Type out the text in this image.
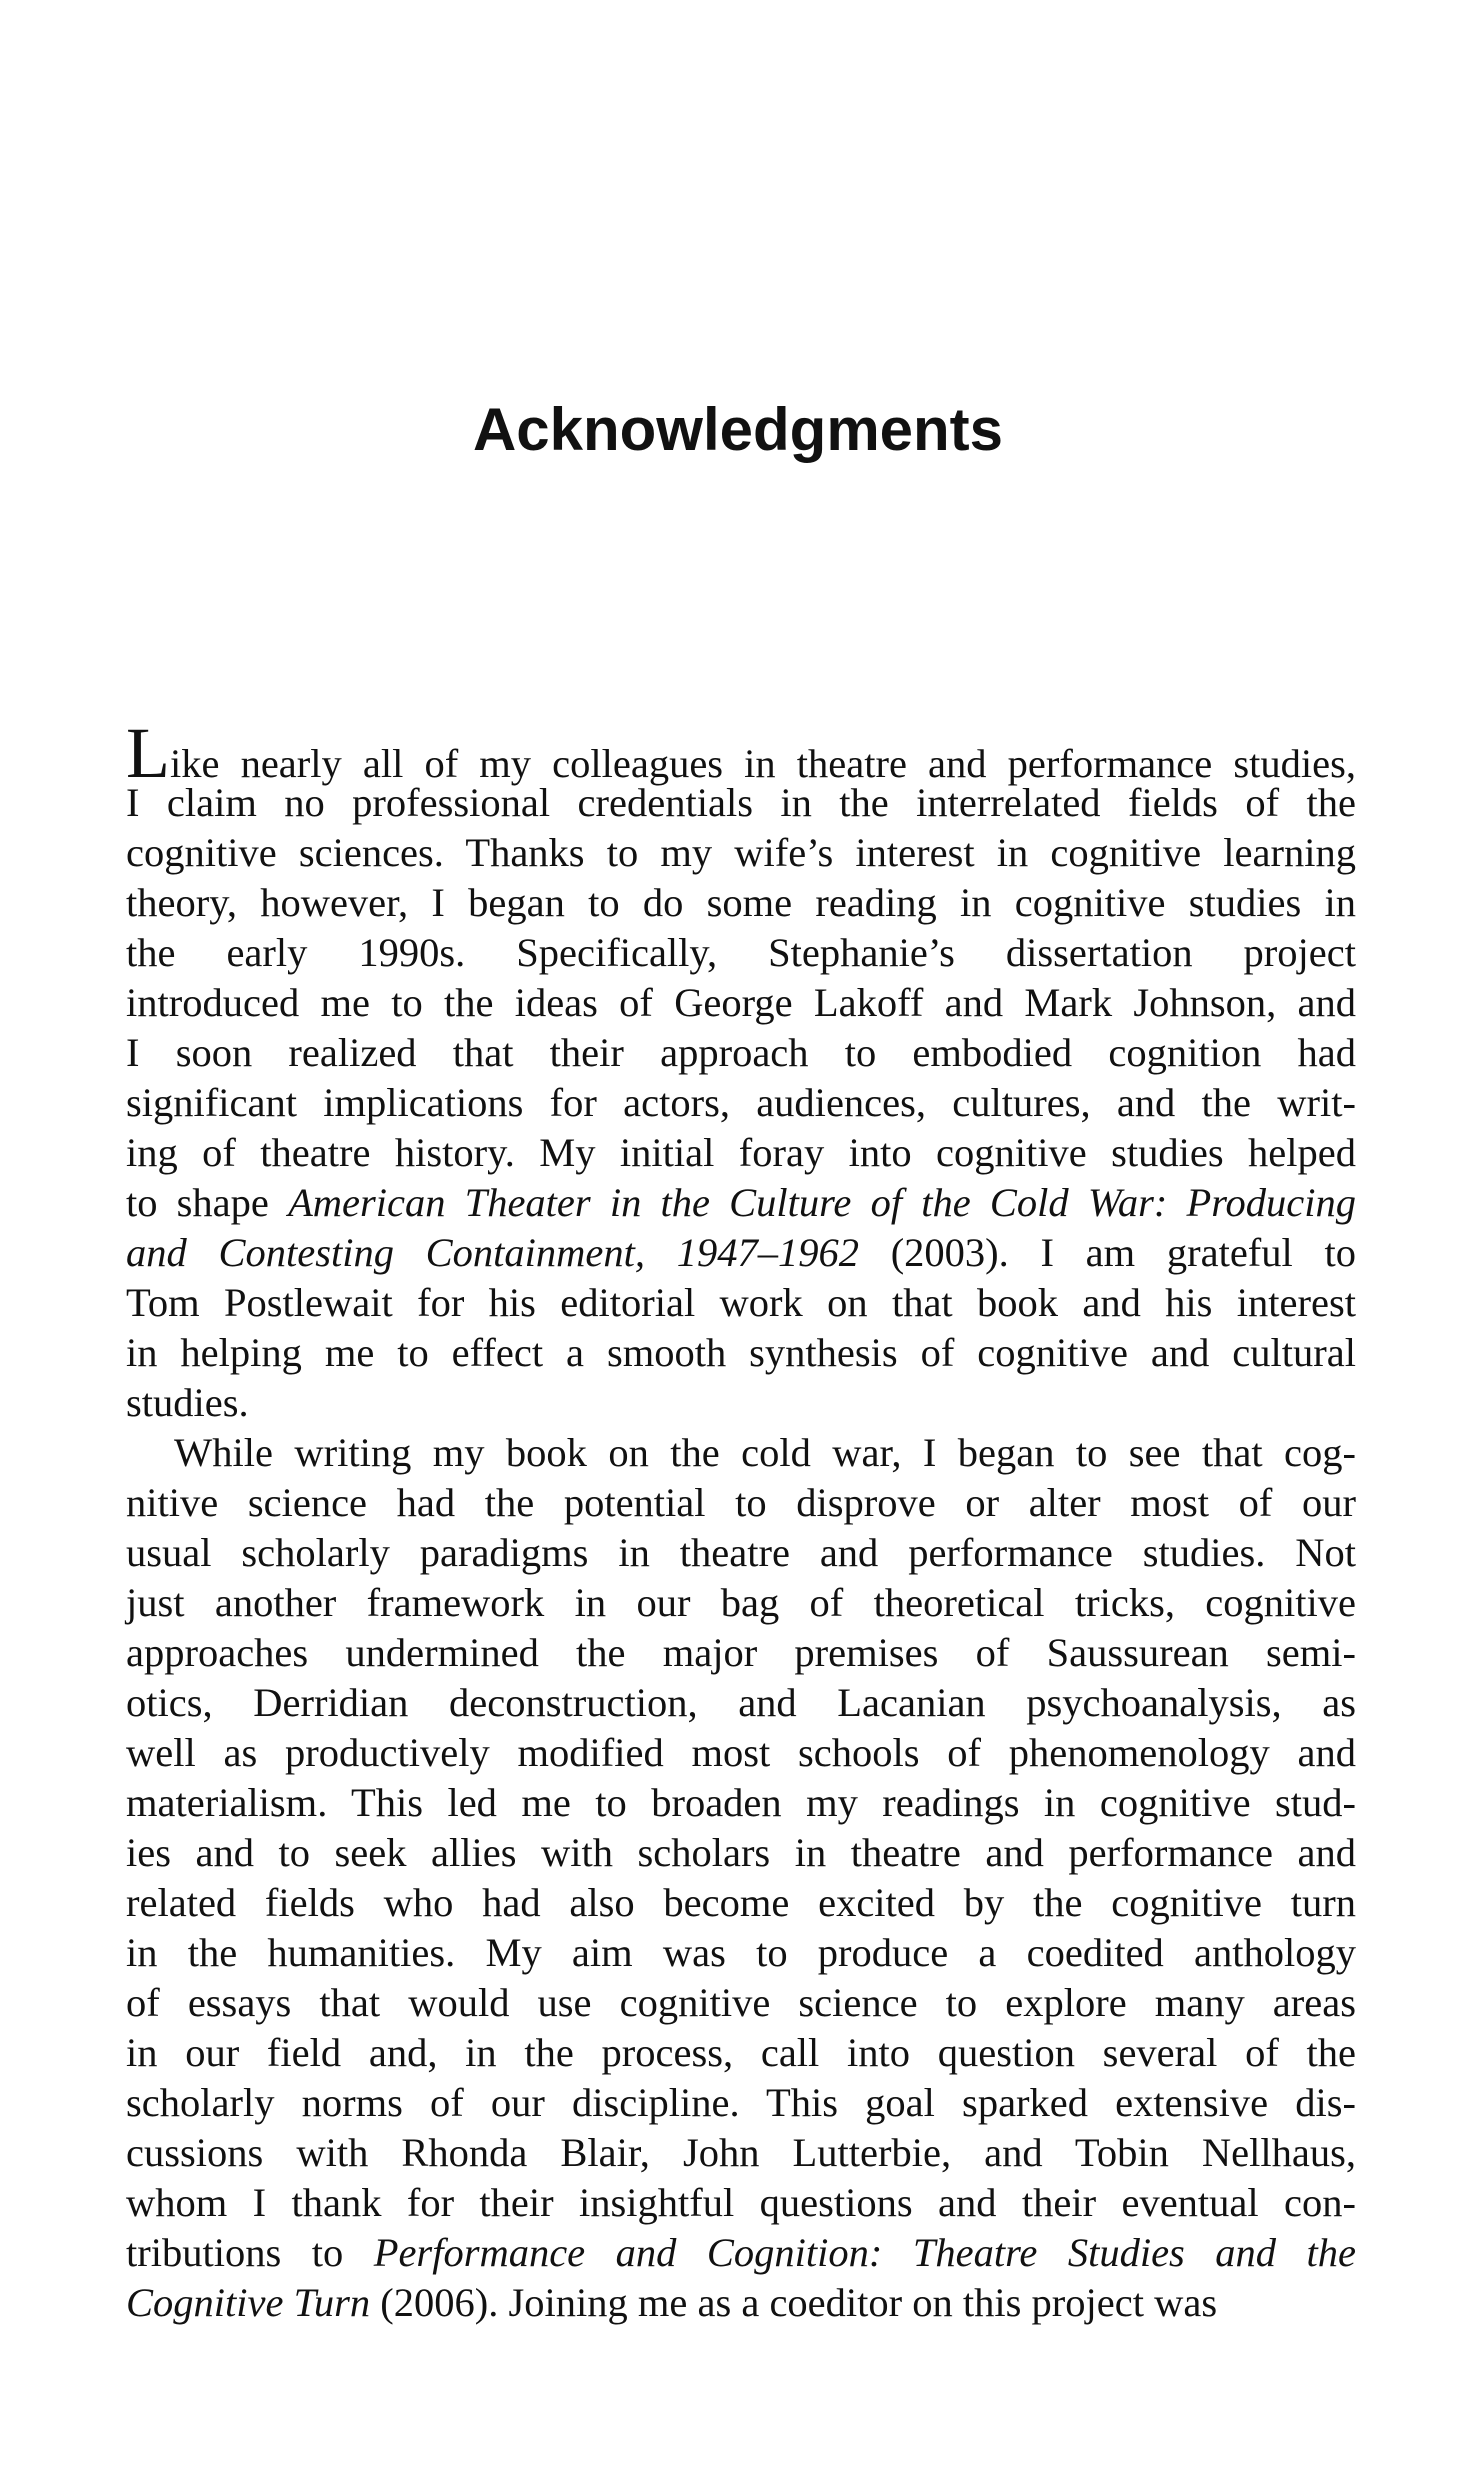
Acknowledgments
Like nearly all of my colleagues in theatre and performance studies,
I claim no professional credentials in the interrelated fields of the
cognitive sciences. Thanks to my wife’s interest in cognitive learning
theory, however, I began to do some reading in cognitive studies in
the early 1990s. Specifically, Stephanie’s dissertation project
introduced me to the ideas of George Lakoff and Mark Johnson, and
I soon realized that their approach to embodied cognition had
significant implications for actors, audiences, cultures, and the writ-
ing of theatre history. My initial foray into cognitive studies helped
to shape American Theater in the Culture of the Cold War: Producing
and Contesting Containment, 1947–1962 (2003). I am grateful to
Tom Postlewait for his editorial work on that book and his interest
in helping me to effect a smooth synthesis of cognitive and cultural
studies.
While writing my book on the cold war, I began to see that cog-
nitive science had the potential to disprove or alter most of our
usual scholarly paradigms in theatre and performance studies. Not
just another framework in our bag of theoretical tricks, cognitive
approaches undermined the major premises of Saussurean semi-
otics, Derridian deconstruction, and Lacanian psychoanalysis, as
well as productively modified most schools of phenomenology and
materialism. This led me to broaden my readings in cognitive stud-
ies and to seek allies with scholars in theatre and performance and
related fields who had also become excited by the cognitive turn
in the humanities. My aim was to produce a coedited anthology
of essays that would use cognitive science to explore many areas
in our field and, in the process, call into question several of the
scholarly norms of our discipline. This goal sparked extensive dis-
cussions with Rhonda Blair, John Lutterbie, and Tobin Nellhaus,
whom I thank for their insightful questions and their eventual con-
tributions to Performance and Cognition: Theatre Studies and the
Cognitive Turn (2006). Joining me as a coeditor on this project was
